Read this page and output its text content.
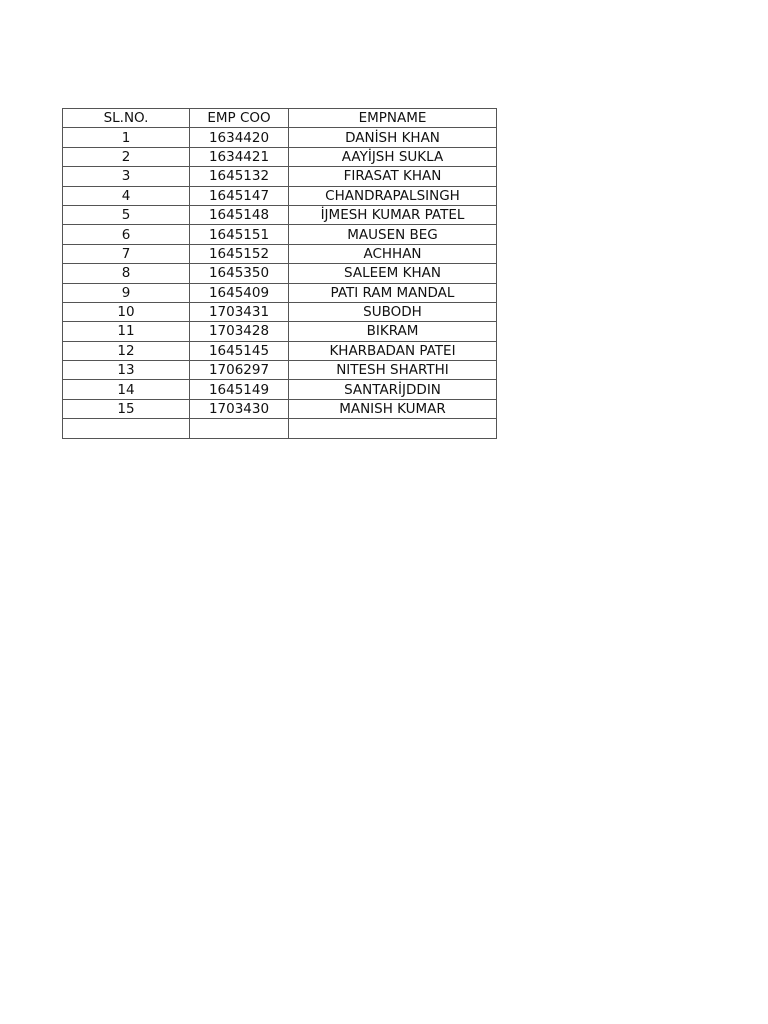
SL.NO.	EMP COO	EMPNAME
1	1634420	DANİSH KHAN
2	1634421	AAYİJSH SUKLA
3	1645132	FIRASAT KHAN
4	1645147	CHANDRAPALSINGH
5	1645148	İJMESH KUMAR PATEL
6	1645151	MAUSEN BEG
7	1645152	ACHHAN
8	1645350	SALEEM KHAN
9	1645409	PATI RAM MANDAL
10	1703431	SUBODH
11	1703428	BIKRAM
12	1645145	KHARBADAN PATEI
13	1706297	NITESH SHARTHI
14	1645149	SANTARİJDDIN
15	1703430	MANISH KUMAR
